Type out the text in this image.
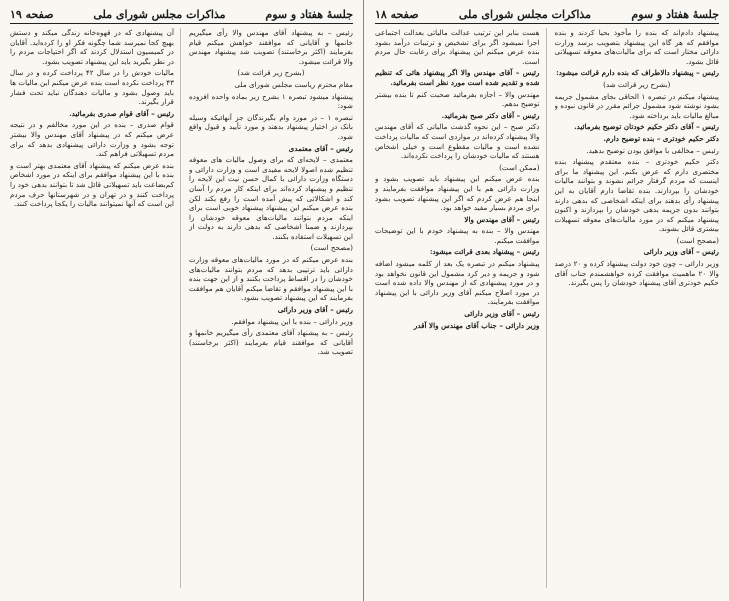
جلسهٔ هفتاد و سوم
مذاکرات مجلس شورای ملی
صفحه ۱۹

رئیس – به پیشنهاد آقای مهندس والا رأی میگیریم خانمها و آقایانی که موافقند خواهش میکنم قیام بفرمایند (اکثر برخاستند) تصویب شد پیشنهاد مهندس والا قرائت میشود.

(بشرح زیر قرائت شد)

مقام محترم ریاست مجلس شورای ملی

پیشنهاد میشود تبصره ۱ بشرح زیر بماده واحده افزوده شود:

تبصره ۱ – در مورد وام بگیرندگان جز آنهائیکه وسیله بانک در اختیار پیشنهاد بدهند و مورد تأیید و قبول واقع شود.

رئیس – آقای معتمدی

معتمدی – لایحه‌ای که برای وصول مالیات های معوقه تنظیم شده اصولا لایحه مفیدی است و وزارت دارائی و دستگاه وزارت دارائی با کمال حسن نیت این لایحه را تنظیم و پیشنهاد کرده‌اند برای اینکه کار مردم را آسان کند و اشکالاتی که پیش آمده است را رفع بکند لکن بنده عرض میکنم این پیشنهاد پیشنهاد خوبی است برای اینکه مردم بتوانند مالیات‌های معوقه خودشان را بپردازند و ضمنا اشخاصی که بدهی دارند به دولت از این تسهیلات استفاده بکنند.

(مصحح است)

بنده عرض میکنم که در مورد مالیات‌های معوقه وزارت دارائی باید ترتیبی بدهد که مردم بتوانند مالیات‌های خودشان را در اقساط پرداخت بکنند و از این جهت بنده با این پیشنهاد موافقم و تقاضا میکنم آقایان هم موافقت بفرمایند که این پیشنهاد تصویب بشود.

رئیس – آقای وزیر دارائی

وزیر دارائی – بنده با این پیشنهاد موافقم.

رئیس – به پیشنهاد آقای معتمدی رأی میگیریم خانمها و آقایانی که موافقند قیام بفرمایند (اکثر برخاستند) تصویب شد.

آن پیشنهادی که در قهوه‌خانه زندگی میکند و دستش بهیچ کجا نمیرسد شما چگونه فکر او را کرده‌اید. آقایان در کمیسیون استدلال کردند که اگر احتیاجات مردم را در نظر بگیرید باید این پیشنهاد تصویب بشود.

مالیات خودش را در سال ۴۲ پرداخت کرده و در سال ۴۳ پرداخت نکرده است بنده عرض میکنم این مالیات ها باید وصول بشود و مالیات دهندگان نباید تحت فشار قرار بگیرند.

رئیس – آقای قوام صدری بفرمائید.

قوام صدری – بنده در این مورد مخالفم و در نتیجه عرض میکنم که در پیشنهاد آقای مهندس والا بیشتر توجه بشود و وزارت دارائی پیشنهادی بدهد که برای مردم تسهیلاتی فراهم کند.

بنده عرض میکنم که پیشنهاد آقای معتمدی بهتر است و بنده با این پیشنهاد موافقم برای اینکه در مورد اشخاص کم‌بضاعت باید تسهیلاتی قائل شد تا بتوانند بدهی خود را پرداخت کنند و در تهران و در شهرستانها حرف مردم این است که آنها نمیتوانند مالیات را یکجا پرداخت کنند.

جلسهٔ هفتاد و سوم
مذاکرات مجلس شورای ملی
صفحه ۱۸

پیشنهاد دادم‌اند که بنده را مأخوذ بحیا کردند و بنده موافقم که هر گاه این پیشنهاد بتصویب برسد وزارت دارائی مختار است که برای مالیات‌های معوقه تسهیلاتی قائل بشود.

رئیس – پیشنهاد دالاطراف که بنده دارم قرائت میشود:

(بشرح زیر قرائت شد)

پیشنهاد میکنم در تبصره ۱ الحاقی بجای مشمول جریمه بشود نوشته شود مشمول جرائم مقرر در قانون نبوده و مبالغ مالیات باید برداخته شود.

رئیس – آقای دکتر حکیم خودتان توضیح بفرمائید.

دکتر حکیم خودتری – بنده توضیح دارم.

رئیس – مخالفی با موافق بودن توضیح بدهید.

دکتر حکیم خودتری – بنده معتقدم پیشنهاد بنده مختصری دارم که عرض بکنم. این پیشنهاد ما برای اینست که مردم گرفتار جرائم نشوند و بتوانند مالیات خودشان را بپردازند. بنده تقاضا دارم آقایان به این پیشنهاد رأی بدهند برای اینکه اشخاصی که بدهی دارند بتوانند بدون جریمه بدهی خودشان را بپردازند و اکنون پیشنهاد میکنم که در مورد مالیات‌های معوقه تسهیلات بیشتری قائل بشوند.

(مصحح است)

رئیس – آقای وزیر دارائی

وزیر دارائی – چون خود دولت پیشنهاد کرده و ۲۰ درصد والا ۲۰ ماهمیت موافقت کرده خواهشمندم جناب آقای حکیم خودتری آقای پیشنهاد خودشان را پس بگیرند.

هست بنابر این ترتیب عدالت مالیاتی بعدالت اجتماعی اجرا نمیشود اگر برای تشخیص و ترتیبات درآمد بشود بنده عرض میکنم این پیشنهاد برای رعایت حال مردم است.

رئیس – آقای مهندس والا اگر پیشنهاد هائی که تنظیم شده و تقدیم شده است مورد نظر است بفرمائید.

مهندس والا – اجازه بفرمائید صحبت کنم تا بنده بیشتر توضیح بدهم.

رئیس – آقای دکتر صبح بفرمائید.

دکتر صبح – این نحوه گذشت مالیاتی که آقای مهندس والا پیشنهاد کرده‌اند در مواردی است که مالیات پرداخت نشده است و مالیات مقطوع است و خیلی اشخاص هستند که مالیات خودشان را پرداخت نکرده‌اند.

(ممکن است)

بنده عرض میکنم این پیشنهاد باید تصویب بشود و وزارت دارائی هم با این پیشنهاد موافقت بفرمایند و اینجا هم عرض کردم که اگر این پیشنهاد تصویب بشود برای مردم بسیار مفید خواهد بود.

رئیس – آقای مهندس والا

مهندس والا – بنده به پیشنهاد خودم با این توضیحات موافقت میکنم.

رئیس – پیشنهاد بعدی قرائت میشود:

پیشنهاد میکنم در تبصره یک بعد از کلمه میشود اضافه شود و جریمه و دیر کرد مشمول این قانون نخواهد بود و در مورد پیشنهادی که از مهندس والا داده شده است در مورد اصلاح میکنم آقای وزیر دارائی با این پیشنهاد موافقت بفرمایند.

رئیس – آقای وزیر دارائی

وزیر دارائی – جناب آقای مهندس والا آقدر
